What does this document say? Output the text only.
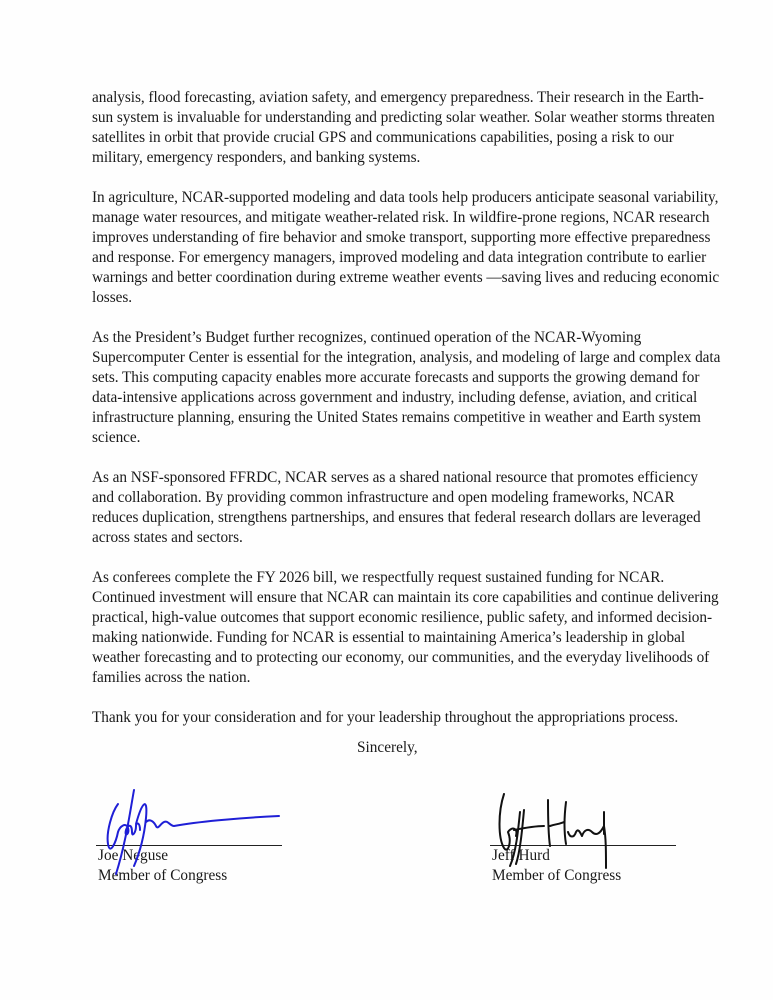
analysis, flood forecasting, aviation safety, and emergency preparedness. Their research in the Earth-sun system is invaluable for understanding and predicting solar weather. Solar weather storms threaten satellites in orbit that provide crucial GPS and communications capabilities, posing a risk to our military, emergency responders, and banking systems.

In agriculture, NCAR-supported modeling and data tools help producers anticipate seasonal variability, manage water resources, and mitigate weather-related risk. In wildfire-prone regions, NCAR research improves understanding of fire behavior and smoke transport, supporting more effective preparedness and response. For emergency managers, improved modeling and data integration contribute to earlier warnings and better coordination during extreme weather events —saving lives and reducing economic losses.

As the President’s Budget further recognizes, continued operation of the NCAR-Wyoming Supercomputer Center is essential for the integration, analysis, and modeling of large and complex data sets. This computing capacity enables more accurate forecasts and supports the growing demand for data-intensive applications across government and industry, including defense, aviation, and critical infrastructure planning, ensuring the United States remains competitive in weather and Earth system science.

As an NSF-sponsored FFRDC, NCAR serves as a shared national resource that promotes efficiency and collaboration. By providing common infrastructure and open modeling frameworks, NCAR reduces duplication, strengthens partnerships, and ensures that federal research dollars are leveraged across states and sectors.

As conferees complete the FY 2026 bill, we respectfully request sustained funding for NCAR. Continued investment will ensure that NCAR can maintain its core capabilities and continue delivering practical, high-value outcomes that support economic resilience, public safety, and informed decision-making nationwide. Funding for NCAR is essential to maintaining America’s leadership in global weather forecasting and to protecting our economy, our communities, and the everyday livelihoods of families across the nation.

Thank you for your consideration and for your leadership throughout the appropriations process.

Sincerely,
Joe Neguse
Member of Congress
Jeff Hurd
Member of Congress
